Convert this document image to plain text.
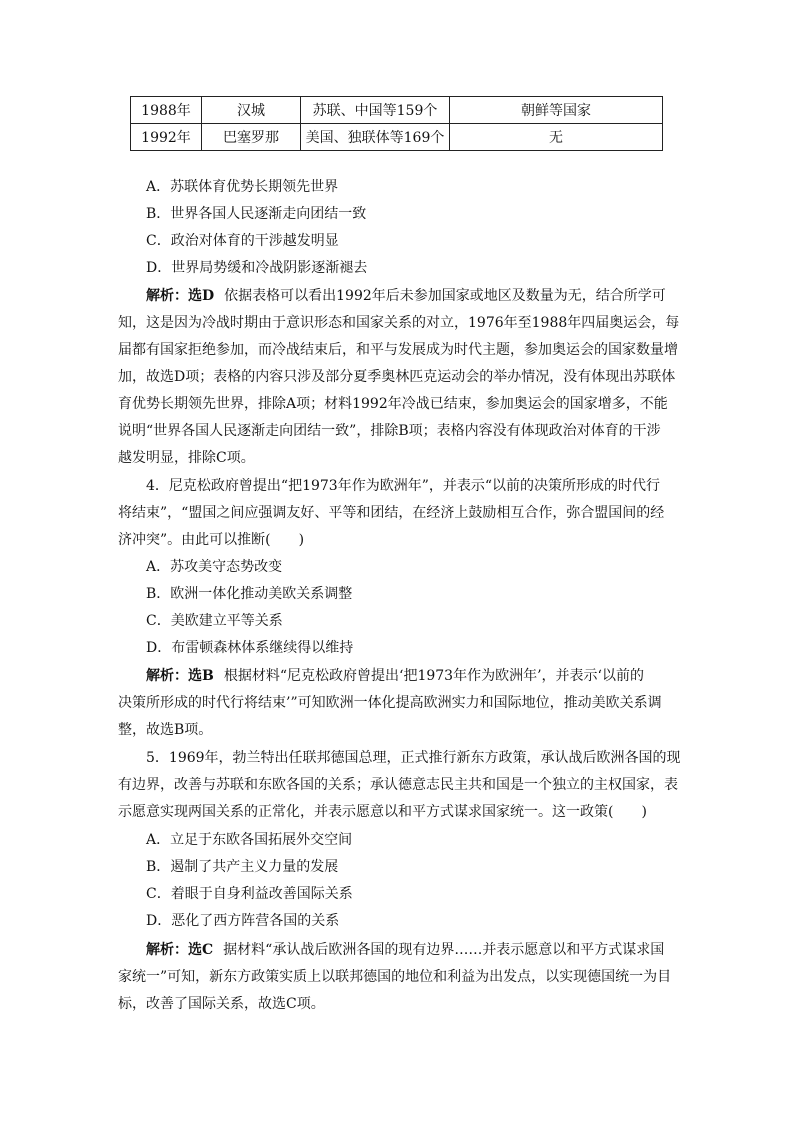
1988年	汉城	苏联、中国等159个	朝鲜等国家
1992年	巴塞罗那	美国、独联体等169个	无
A．苏联体育优势长期领先世界
B．世界各国人民逐渐走向团结一致
C．政治对体育的干涉越发明显
D．世界局势缓和冷战阴影逐渐褪去
解析：选D 依据表格可以看出1992年后未参加国家或地区及数量为无，结合所学可
知，这是因为冷战时期由于意识形态和国家关系的对立，1976年至1988年四届奥运会，每
届都有国家拒绝参加，而冷战结束后，和平与发展成为时代主题，参加奥运会的国家数量增
加，故选D项；表格的内容只涉及部分夏季奥林匹克运动会的举办情况，没有体现出苏联体
育优势长期领先世界，排除A项；材料1992年冷战已结束，参加奥运会的国家增多，不能
说明“世界各国人民逐渐走向团结一致”，排除B项；表格内容没有体现政治对体育的干涉
越发明显，排除C项。
4．尼克松政府曾提出“把1973年作为欧洲年”，并表示“以前的决策所形成的时代行
将结束”，“盟国之间应强调友好、平等和团结，在经济上鼓励相互合作，弥合盟国间的经
济冲突”。由此可以推断(　　)
A．苏攻美守态势改变
B．欧洲一体化推动美欧关系调整
C．美欧建立平等关系
D．布雷顿森林体系继续得以维持
解析：选B 根据材料“尼克松政府曾提出‘把1973年作为欧洲年’，并表示‘以前的
决策所形成的时代行将结束’”可知欧洲一体化提高欧洲实力和国际地位，推动美欧关系调
整，故选B项。
5．1969年，勃兰特出任联邦德国总理，正式推行新东方政策，承认战后欧洲各国的现
有边界，改善与苏联和东欧各国的关系；承认德意志民主共和国是一个独立的主权国家，表
示愿意实现两国关系的正常化，并表示愿意以和平方式谋求国家统一。这一政策(　　)
A．立足于东欧各国拓展外交空间
B．遏制了共产主义力量的发展
C．着眼于自身利益改善国际关系
D．恶化了西方阵营各国的关系
解析：选C 据材料“承认战后欧洲各国的现有边界……并表示愿意以和平方式谋求国
家统一”可知，新东方政策实质上以联邦德国的地位和利益为出发点，以实现德国统一为目
标，改善了国际关系，故选C项。
